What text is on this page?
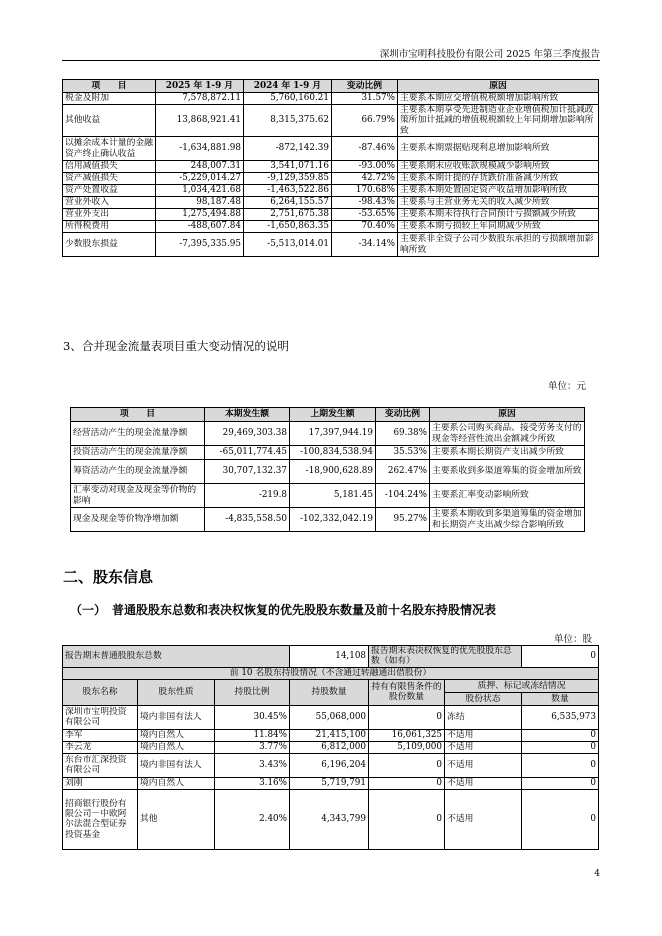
深圳市宝明科技股份有限公司 2025 年第三季度报告
项　　目	2025 年 1-9 月	2024 年 1-9 月	变动比例	原因
税金及附加	7,578,872.11	5,760,160.21	31.57%	主要系本期应交增值税税额增加影响所致
其他收益	13,868,921.41	8,315,375.62	66.79%	主要系本期享受先进制造业企业增值税加计抵减政策所加计抵减的增值税税额较上年同期增加影响所致
以摊余成本计量的金融资产终止确认收益	-1,634,881.98	-872,142.39	-87.46%	主要系本期票据贴现利息增加影响所致
信用减值损失	248,007.31	3,541,071.16	-93.00%	主要系期末应收账款规模减少影响所致
资产减值损失	-5,229,014.27	-9,129,359.85	42.72%	主要系本期计提的存货跌价准备减少所致
资产处置收益	1,034,421.68	-1,463,522.86	170.68%	主要系本期处置固定资产收益增加影响所致
营业外收入	98,187.48	6,264,155.57	-98.43%	主要系与主营业务无关的收入减少所致
营业外支出	1,275,494.88	2,751,675.38	-53.65%	主要系本期未待执行合同预计亏损额减少所致
所得税费用	-488,607.84	-1,650,863.35	70.40%	主要系本期亏损较上年同期减少所致
少数股东损益	-7,395,335.95	-5,513,014.01	-34.14%	主要系非全资子公司少数股东承担的亏损额增加影响所致
3、合并现金流量表项目重大变动情况的说明
单位：元
项　　目	本期发生额	上期发生额	变动比例	原因
经营活动产生的现金流量净额	29,469,303.38	17,397,944.19	69.38%	主要系公司购买商品、接受劳务支付的现金等经营性流出金额减少所致
投资活动产生的现金流量净额	-65,011,774.45	-100,834,538.94	35.53%	主要系本期长期资产支出减少所致
筹资活动产生的现金流量净额	30,707,132.37	-18,900,628.89	262.47%	主要系收到多渠道筹集的资金增加所致
汇率变动对现金及现金等价物的影响	-219.8	5,181.45	-104.24%	主要系汇率变动影响所致
现金及现金等价物净增加额	-4,835,558.50	-102,332,042.19	95.27%	主要系本期收到多渠道筹集的资金增加和长期资产支出减少综合影响所致
二、股东信息
（一）　普通股股东总数和表决权恢复的优先股股东数量及前十名股东持股情况表
单位：股
报告期末普通股股东总数			14,108	报告期末表决权恢复的优先股股东总数（如有）		0
前 10 名股东持股情况（不含通过转融通出借股份）						
股东名称	股东性质	持股比例	持股数量	持有有限售条件的股份数量	质押、标记或冻结情况	
					股份状态	数量
深圳市宝明投资有限公司	境内非国有法人	30.45%	55,068,000	0	冻结	6,535,973
李军	境内自然人	11.84%	21,415,100	16,061,325	不适用	0
李云龙	境内自然人	3.77%	6,812,000	5,109,000	不适用	0
东台市汇深投资有限公司	境内非国有法人	3.43%	6,196,204	0	不适用	0
刘刚	境内自然人	3.16%	5,719,791	0	不适用	0
招商银行股份有限公司－中欧阿尔法混合型证券投资基金	其他	2.40%	4,343,799	0	不适用	0
4
